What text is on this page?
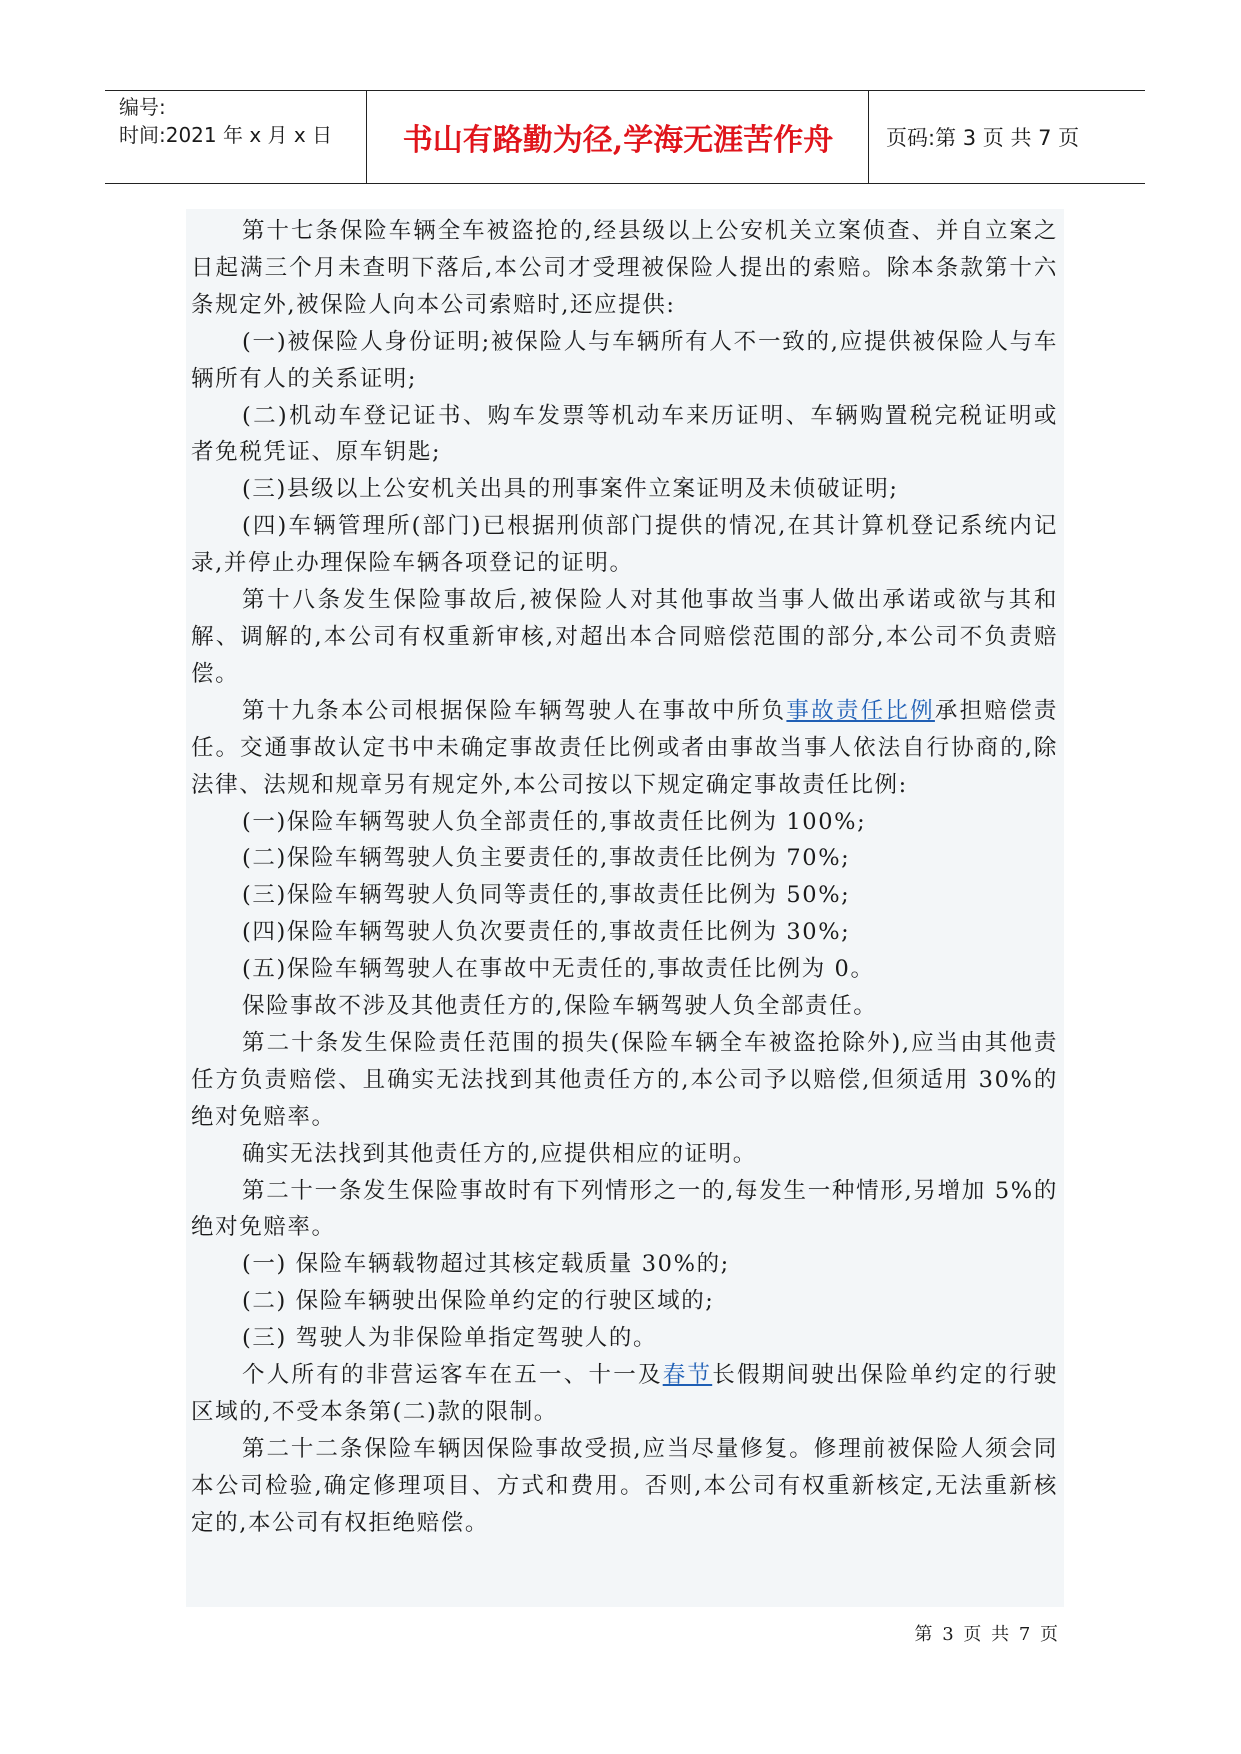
编号:
时间:2021 年 x 月 x 日	书山有路勤为径,学海无涯苦作舟	页码:第 3 页 共 7 页

第十七条保险车辆全车被盗抢的,经县级以上公安机关立案侦查、并自立案之日起满三个月未查明下落后,本公司才受理被保险人提出的索赔。除本条款第十六条规定外,被保险人向本公司索赔时,还应提供:

(一)被保险人身份证明;被保险人与车辆所有人不一致的,应提供被保险人与车辆所有人的关系证明;

(二)机动车登记证书、购车发票等机动车来历证明、车辆购置税完税证明或者免税凭证、原车钥匙;

(三)县级以上公安机关出具的刑事案件立案证明及未侦破证明;

(四)车辆管理所(部门)已根据刑侦部门提供的情况,在其计算机登记系统内记录,并停止办理保险车辆各项登记的证明。

第十八条发生保险事故后,被保险人对其他事故当事人做出承诺或欲与其和解、调解的,本公司有权重新审核,对超出本合同赔偿范围的部分,本公司不负责赔偿。

第十九条本公司根据保险车辆驾驶人在事故中所负事故责任比例承担赔偿责任。交通事故认定书中未确定事故责任比例或者由事故当事人依法自行协商的,除法律、法规和规章另有规定外,本公司按以下规定确定事故责任比例:

(一)保险车辆驾驶人负全部责任的,事故责任比例为 100%;

(二)保险车辆驾驶人负主要责任的,事故责任比例为 70%;

(三)保险车辆驾驶人负同等责任的,事故责任比例为 50%;

(四)保险车辆驾驶人负次要责任的,事故责任比例为 30%;

(五)保险车辆驾驶人在事故中无责任的,事故责任比例为 0。

保险事故不涉及其他责任方的,保险车辆驾驶人负全部责任。

第二十条发生保险责任范围的损失(保险车辆全车被盗抢除外),应当由其他责任方负责赔偿、且确实无法找到其他责任方的,本公司予以赔偿,但须适用 30%的绝对免赔率。

确实无法找到其他责任方的,应提供相应的证明。

第二十一条发生保险事故时有下列情形之一的,每发生一种情形,另增加 5%的绝对免赔率。

(一) 保险车辆载物超过其核定载质量 30%的;

(二) 保险车辆驶出保险单约定的行驶区域的;

(三) 驾驶人为非保险单指定驾驶人的。

个人所有的非营运客车在五一、十一及春节长假期间驶出保险单约定的行驶区域的,不受本条第(二)款的限制。

第二十二条保险车辆因保险事故受损,应当尽量修复。修理前被保险人须会同本公司检验,确定修理项目、方式和费用。否则,本公司有权重新核定,无法重新核定的,本公司有权拒绝赔偿。

第 3 页 共 7 页
